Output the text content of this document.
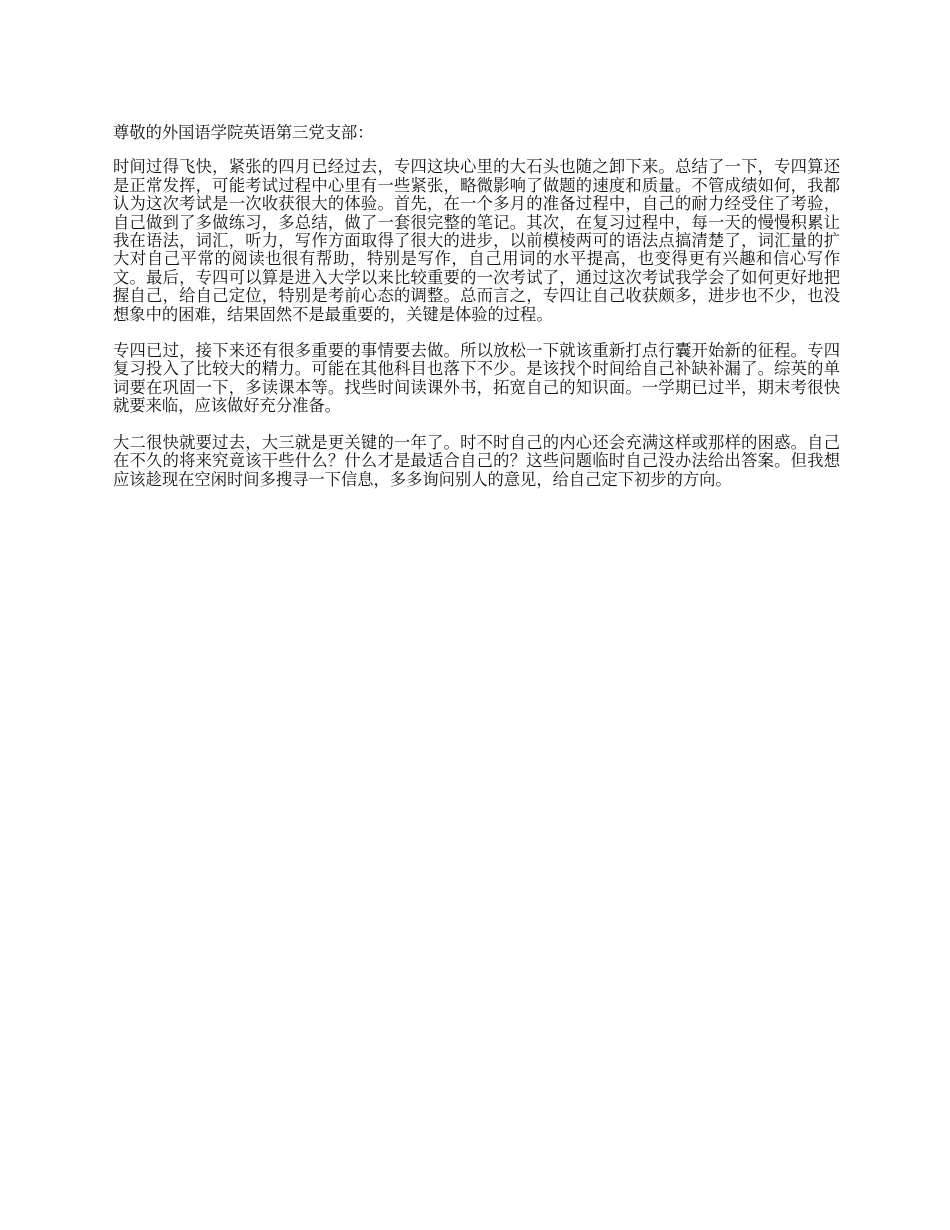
尊敬的外国语学院英语第三党支部：

时间过得飞快，紧张的四月已经过去，专四这块心里的大石头也随之卸下来。总结了一下，专四算还是正常发挥，可能考试过程中心里有一些紧张，略微影响了做题的速度和质量。不管成绩如何，我都认为这次考试是一次收获很大的体验。首先，在一个多月的准备过程中，自己的耐力经受住了考验，自己做到了多做练习，多总结，做了一套很完整的笔记。其次，在复习过程中，每一天的慢慢积累让我在语法，词汇，听力，写作方面取得了很大的进步，以前模棱两可的语法点搞清楚了，词汇量的扩大对自己平常的阅读也很有帮助，特别是写作，自己用词的水平提高，也变得更有兴趣和信心写作文。最后，专四可以算是进入大学以来比较重要的一次考试了，通过这次考试我学会了如何更好地把握自己，给自己定位，特别是考前心态的调整。总而言之，专四让自己收获颇多，进步也不少，也没想象中的困难，结果固然不是最重要的，关键是体验的过程。

专四已过，接下来还有很多重要的事情要去做。所以放松一下就该重新打点行囊开始新的征程。专四复习投入了比较大的精力。可能在其他科目也落下不少。是该找个时间给自己补缺补漏了。综英的单词要在巩固一下，多读课本等。找些时间读课外书，拓宽自己的知识面。一学期已过半，期末考很快就要来临，应该做好充分准备。

大二很快就要过去，大三就是更关键的一年了。时不时自己的内心还会充满这样或那样的困惑。自己在不久的将来究竟该干些什么？什么才是最适合自己的？这些问题临时自己没办法给出答案。但我想应该趁现在空闲时间多搜寻一下信息，多多询问别人的意见，给自己定下初步的方向。
